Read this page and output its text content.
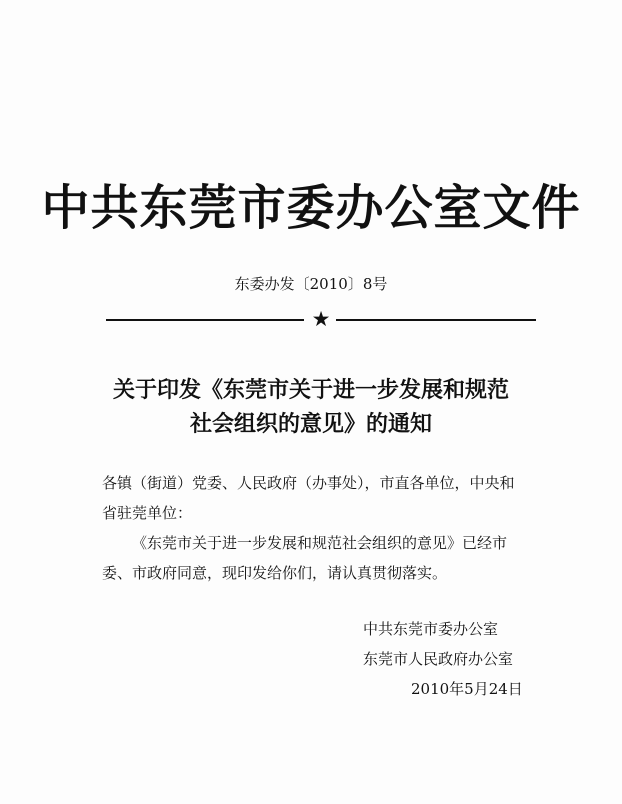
中共东莞市委办公室文件
东委办发〔2010〕8号
★
关于印发《东莞市关于进一步发展和规范
社会组织的意见》的通知

各镇（街道）党委、人民政府（办事处），市直各单位，中央和

省驻莞单位：

《东莞市关于进一步发展和规范社会组织的意见》已经市

委、市政府同意，现印发给你们，请认真贯彻落实。

中共东莞市委办公室
东莞市人民政府办公室
2010年5月24日
